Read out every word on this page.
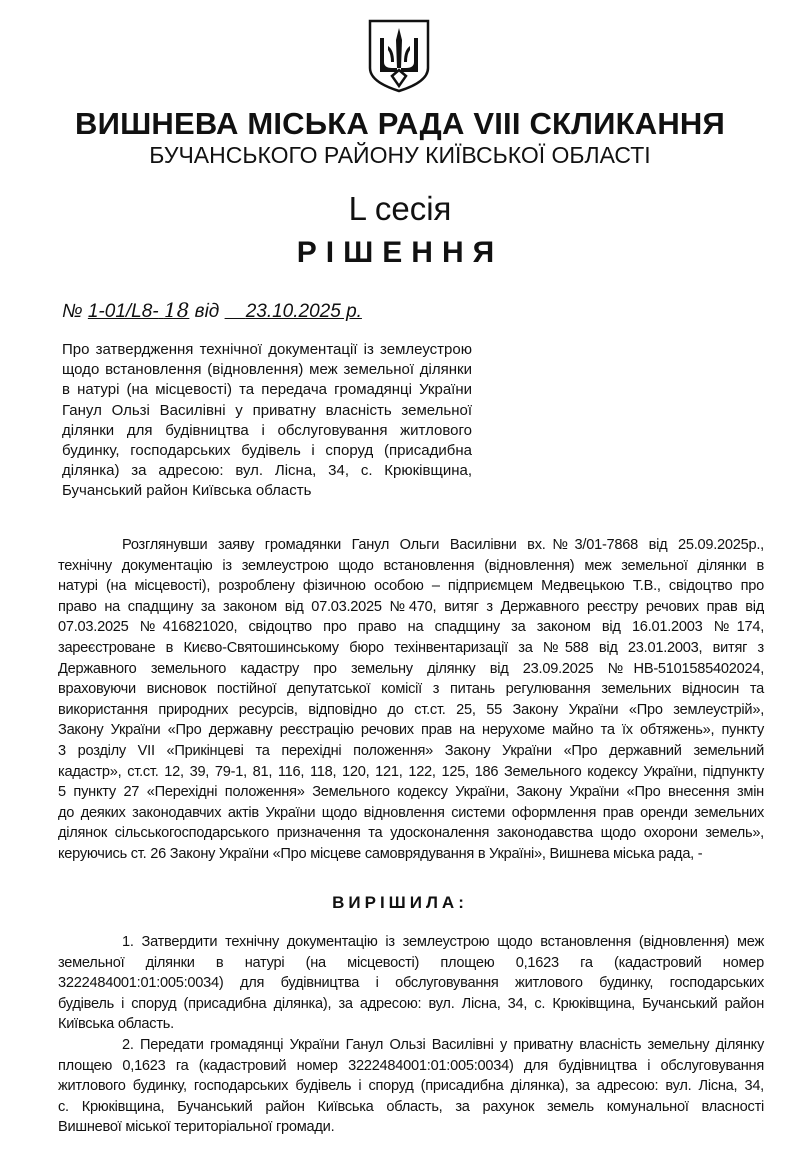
ВИШНЕВА МІСЬКА РАДА VIII СКЛИКАННЯ
БУЧАНСЬКОГО РАЙОНУ КИЇВСЬКОЇ ОБЛАСТІ
L сесія
РІШЕННЯ
№ 1-01/L8- 18 від 23.10.2025 р.
Про затвердження технічної документації із землеустрою
щодо встановлення (відновлення) меж земельної ділянки
в натурі (на місцевості) та передача громадянці України
Ганул Ользі Василівні у приватну власність земельної
ділянки для будівництва і обслуговування житлового
будинку, господарських будівель і споруд (присадибна
ділянка) за адресою: вул. Лісна, 34, с. Крюківщина,
Бучанський район Київська область
Розглянувши заяву громадянки Ганул Ольги Василівни вх.№3/01-7868 від 25.09.2025р.,
технічну документацію із землеустрою щодо встановлення (відновлення) меж земельної ділянки в
натурі (на місцевості), розроблену фізичною особою – підприємцем Медвецькою Т.В., свідоцтво про
право на спадщину за законом від 07.03.2025 №470, витяг з Державного реєстру речових прав від
07.03.2025 №416821020, свідоцтво про право на спадщину за законом від 16.01.2003 №174,
зареєстроване в Києво-Святошинському бюро техінвентаризації за №588 від 23.01.2003, витяг з
Державного земельного кадастру про земельну ділянку від 23.09.2025 №НВ-5101585402024,
враховуючи висновок постійної депутатської комісії з питань регулювання земельних відносин та
використання природних ресурсів, відповідно до ст.ст. 25, 55 Закону України «Про землеустрій»,
Закону України «Про державну реєстрацію речових прав на нерухоме майно та їх обтяжень», пункту
3 розділу VII «Прикінцеві та перехідні положення» Закону України «Про державний земельний
кадастр», ст.ст. 12, 39, 79-1, 81, 116, 118, 120, 121, 122, 125, 186 Земельного кодексу України, підпункту
5 пункту 27 «Перехідні положення» Земельного кодексу України, Закону України «Про внесення змін
до деяких законодавчих актів України щодо відновлення системи оформлення прав оренди земельних
ділянок сільськогосподарського призначення та удосконалення законодавства щодо охорони земель»,
керуючись ст. 26 Закону України «Про місцеве самоврядування в Україні», Вишнева міська рада, -
ВИРІШИЛА:
1. Затвердити технічну документацію із землеустрою щодо встановлення (відновлення) меж
земельної ділянки в натурі (на місцевості) площею 0,1623 га (кадастровий номер
3222484001:01:005:0034) для будівництва і обслуговування житлового будинку, господарських
будівель і споруд (присадибна ділянка), за адресою: вул. Лісна, 34, с. Крюківщина, Бучанський район
Київська область.
2. Передати громадянці України Ганул Ользі Василівні у приватну власність земельну ділянку
площею 0,1623 га (кадастровий номер 3222484001:01:005:0034) для будівництва і обслуговування
житлового будинку, господарських будівель і споруд (присадибна ділянка), за адресою: вул. Лісна, 34,
с. Крюківщина, Бучанський район Київська область, за рахунок земель комунальної власності
Вишневої міської територіальної громади.
